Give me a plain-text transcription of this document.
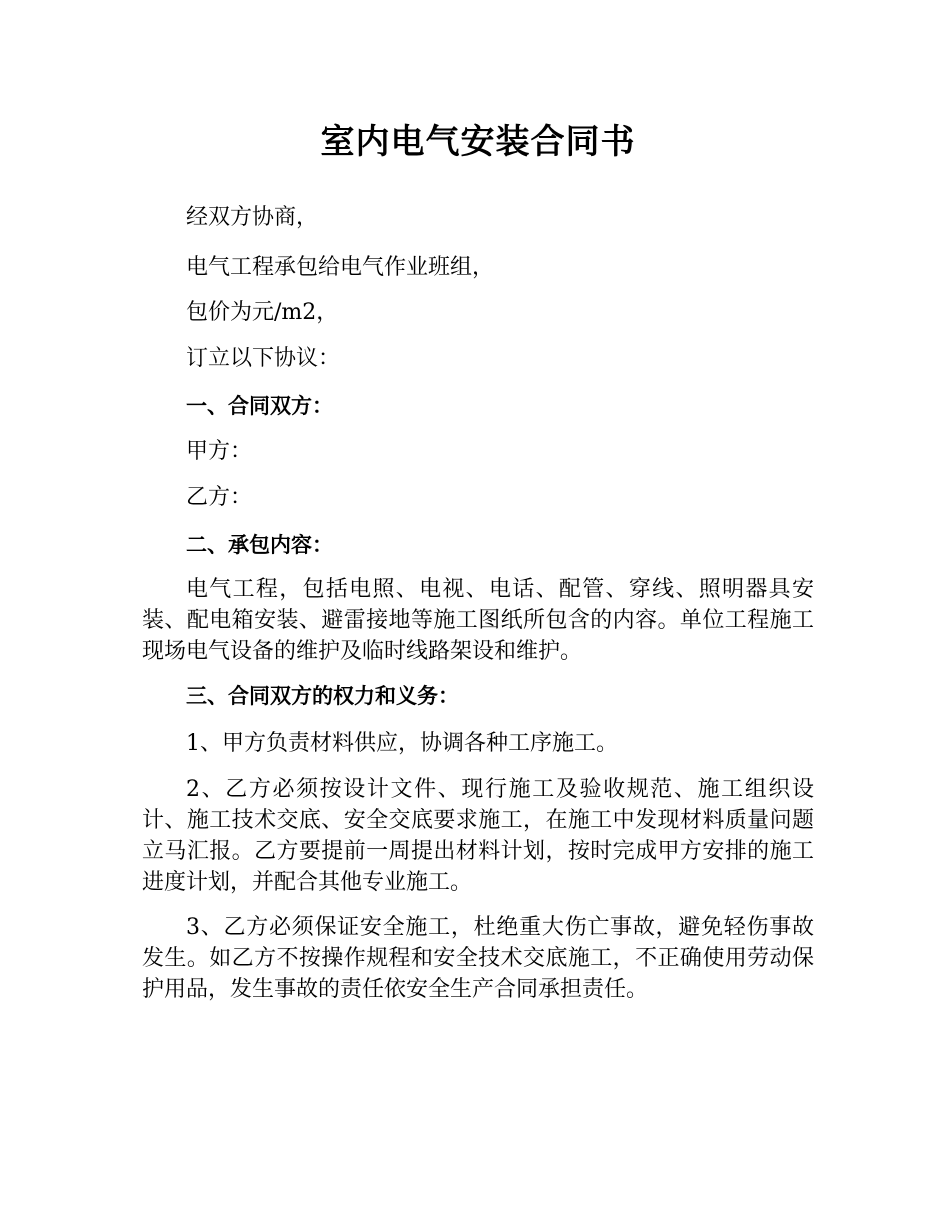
室内电气安装合同书

经双方协商，

电气工程承包给电气作业班组，

包价为元/m2，

订立以下协议：

一、合同双方：

甲方：

乙方：

二、承包内容：

电气工程，包括电照、电视、电话、配管、穿线、照明器具安装、配电箱安装、避雷接地等施工图纸所包含的内容。单位工程施工现场电气设备的维护及临时线路架设和维护。

三、合同双方的权力和义务：

1、甲方负责材料供应，协调各种工序施工。

2、乙方必须按设计文件、现行施工及验收规范、施工组织设计、施工技术交底、安全交底要求施工，在施工中发现材料质量问题立马汇报。乙方要提前一周提出材料计划，按时完成甲方安排的施工进度计划，并配合其他专业施工。

3、乙方必须保证安全施工，杜绝重大伤亡事故，避免轻伤事故发生。如乙方不按操作规程和安全技术交底施工，不正确使用劳动保护用品，发生事故的责任依安全生产合同承担责任。
